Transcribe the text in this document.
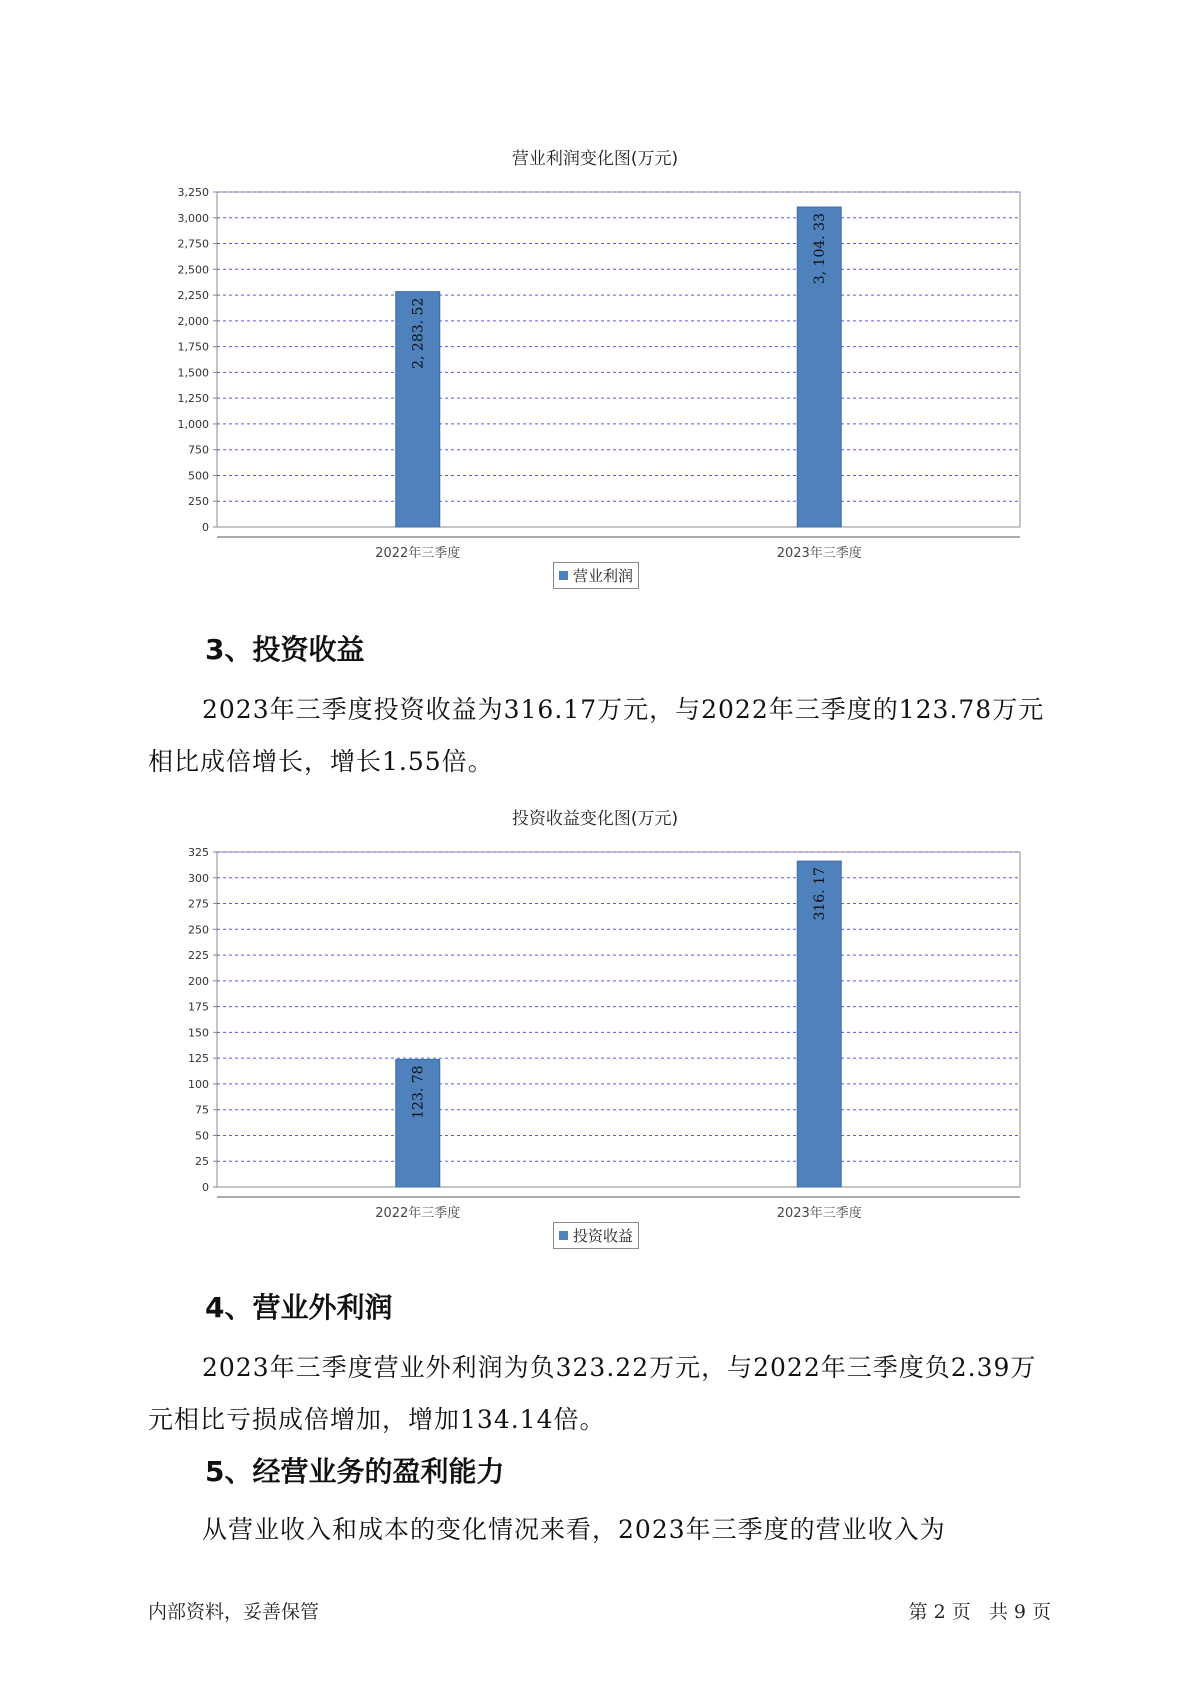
营业利润变化图(万元)
0
250
500
750
1,000
1,250
1,500
1,750
2,000
2,250
2,500
2,750
3,000
3,250
2, 283. 52
2022年三季度
3, 104. 33
2023年三季度
营业利润
3、投资收益

2023年三季度投资收益为316.17万元，与2022年三季度的123.78万元
相比成倍增长，增长1.55倍。

投资收益变化图(万元)
0
25
50
75
100
125
150
175
200
225
250
275
300
325
123. 78
2022年三季度
316. 17
2023年三季度
投资收益
4、营业外利润

2023年三季度营业外利润为负323.22万元，与2022年三季度负2.39万
元相比亏损成倍增加，增加134.14倍。

5、经营业务的盈利能力

从营业收入和成本的变化情况来看，2023年三季度的营业收入为

内部资料，妥善保管	第 2 页   共 9 页
